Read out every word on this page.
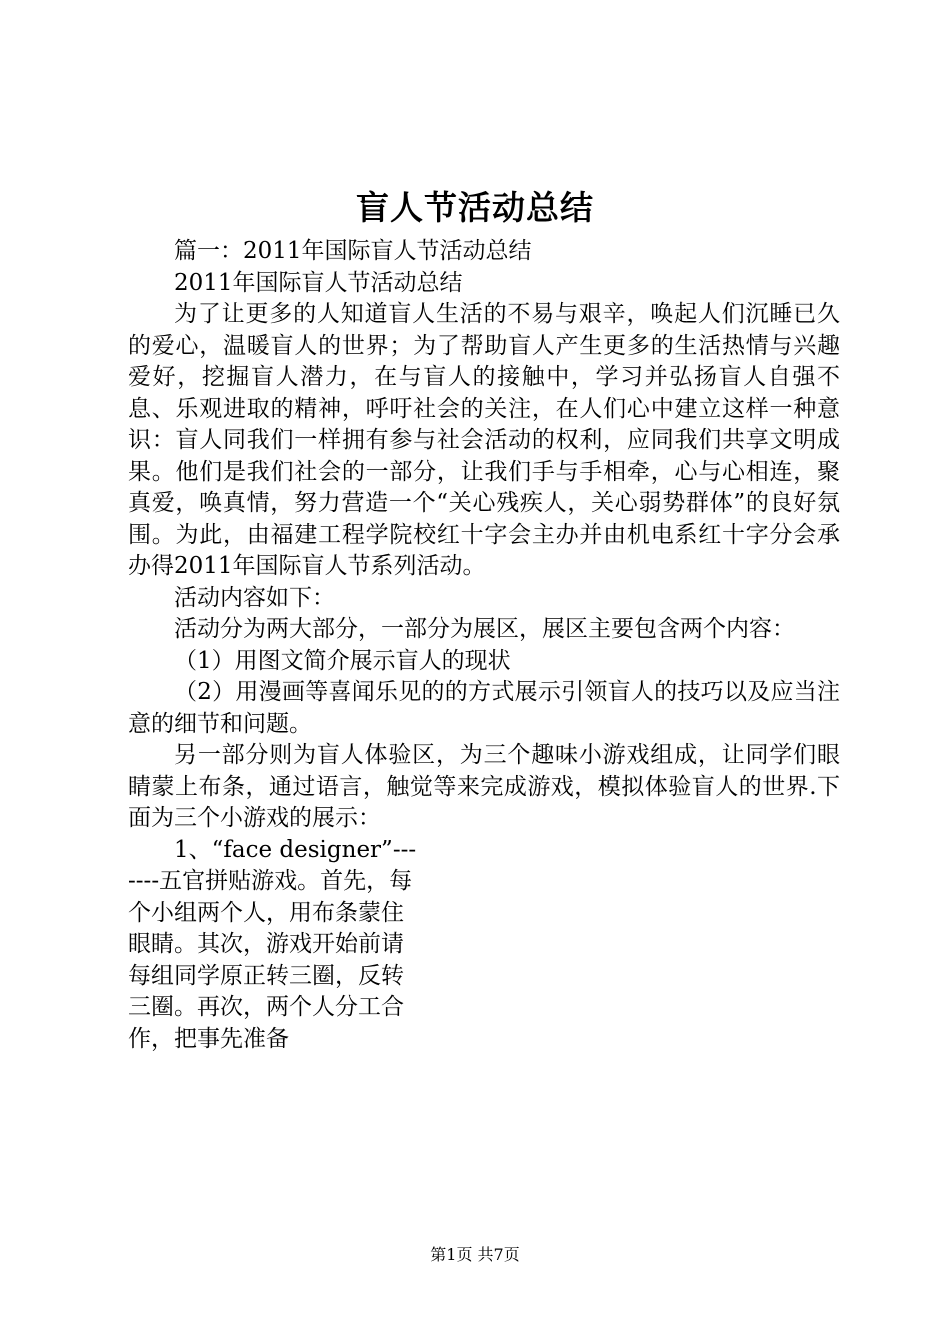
盲人节活动总结

篇一：2011年国际盲人节活动总结

2011年国际盲人节活动总结

为了让更多的人知道盲人生活的不易与艰辛，唤起人们沉睡已久的爱心，温暖盲人的世界；为了帮助盲人产生更多的生活热情与兴趣爱好，挖掘盲人潜力，在与盲人的接触中，学习并弘扬盲人自强不息、乐观进取的精神，呼吁社会的关注，在人们心中建立这样一种意识：盲人同我们一样拥有参与社会活动的权利，应同我们共享文明成果。他们是我们社会的一部分，让我们手与手相牵，心与心相连，聚真爱，唤真情，努力营造一个“关心残疾人，关心弱势群体”的良好氛围。为此，由福建工程学院校红十字会主办并由机电系红十字分会承办得2011年国际盲人节系列活动。

活动内容如下：

活动分为两大部分，一部分为展区，展区主要包含两个内容：

（1）用图文简介展示盲人的现状

（2）用漫画等喜闻乐见的的方式展示引领盲人的技巧以及应当注意的细节和问题。

另一部分则为盲人体验区，为三个趣味小游戏组成，让同学们眼睛蒙上布条，通过语言，触觉等来完成游戏，模拟体验盲人的世界.下面为三个小游戏的展示：

1、“face designer”-------五官拼贴游戏。首先，每个小组两个人，用布条蒙住眼睛。其次，游戏开始前请每组同学原正转三圈，反转三圈。再次，两个人分工合作，把事先准备

第1页 共7页
